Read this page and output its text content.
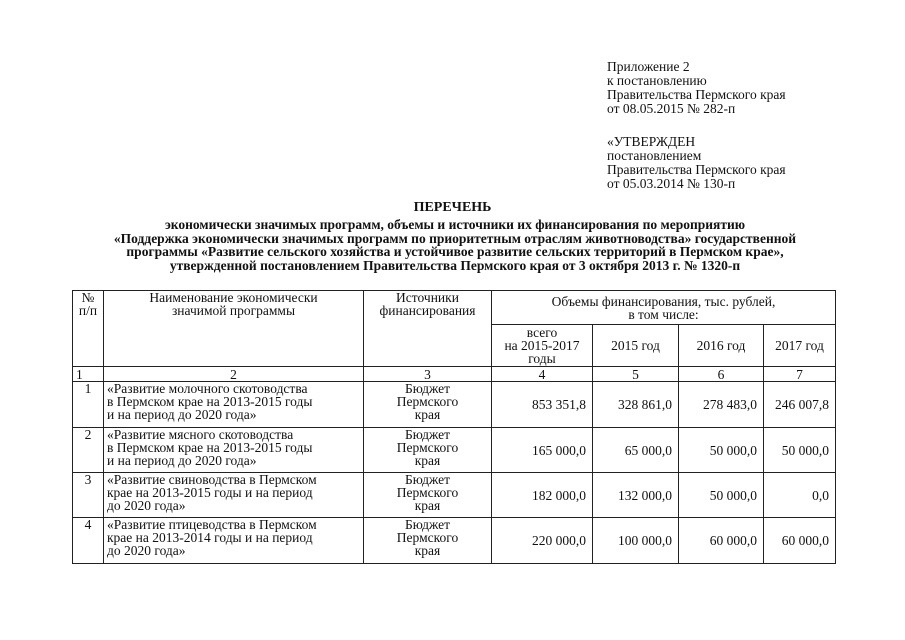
Приложение 2
к постановлению
Правительства Пермского края
от 08.05.2015 № 282-п
«УТВЕРЖДЕН
постановлением
Правительства Пермского края
от 05.03.2014 № 130-п
ПЕРЕЧЕНЬ
экономически значимых программ, объемы и источники их финансирования по мероприятию
«Поддержка экономически значимых программ по приоритетным отраслям животноводства» государственной
программы «Развитие сельского хозяйства и устойчивое развитие сельских территорий в Пермском крае»,
утвержденной постановлением Правительства Пермского края от 3 октября 2013 г. № 1320-п
№
п/п	Наименование экономически
значимой программы	Источники
финансирования	Объемы финансирования, тыс. рублей,
в том числе:			

			всего
на 2015-2017
годы	2015 год	2016 год	2017 год
1	2	3	4	5	6	7
1	«Развитие молочного скотоводства
в Пермском крае на 2013-2015 годы
и на период до 2020 года»	Бюджет
Пермского
края	853 351,8	328 861,0	278 483,0	246 007,8
2	«Развитие мясного скотоводства
в Пермском крае на 2013-2015 годы
и на период до 2020 года»	Бюджет
Пермского
края	165 000,0	65 000,0	50 000,0	50 000,0
3	«Развитие свиноводства в Пермском
крае на 2013-2015 годы и на период
до 2020 года»	Бюджет
Пермского
края	182 000,0	132 000,0	50 000,0	0,0
4	«Развитие птицеводства в Пермском
крае на 2013-2014 годы и на период
до 2020 года»	Бюджет
Пермского
края	220 000,0	100 000,0	60 000,0	60 000,0
